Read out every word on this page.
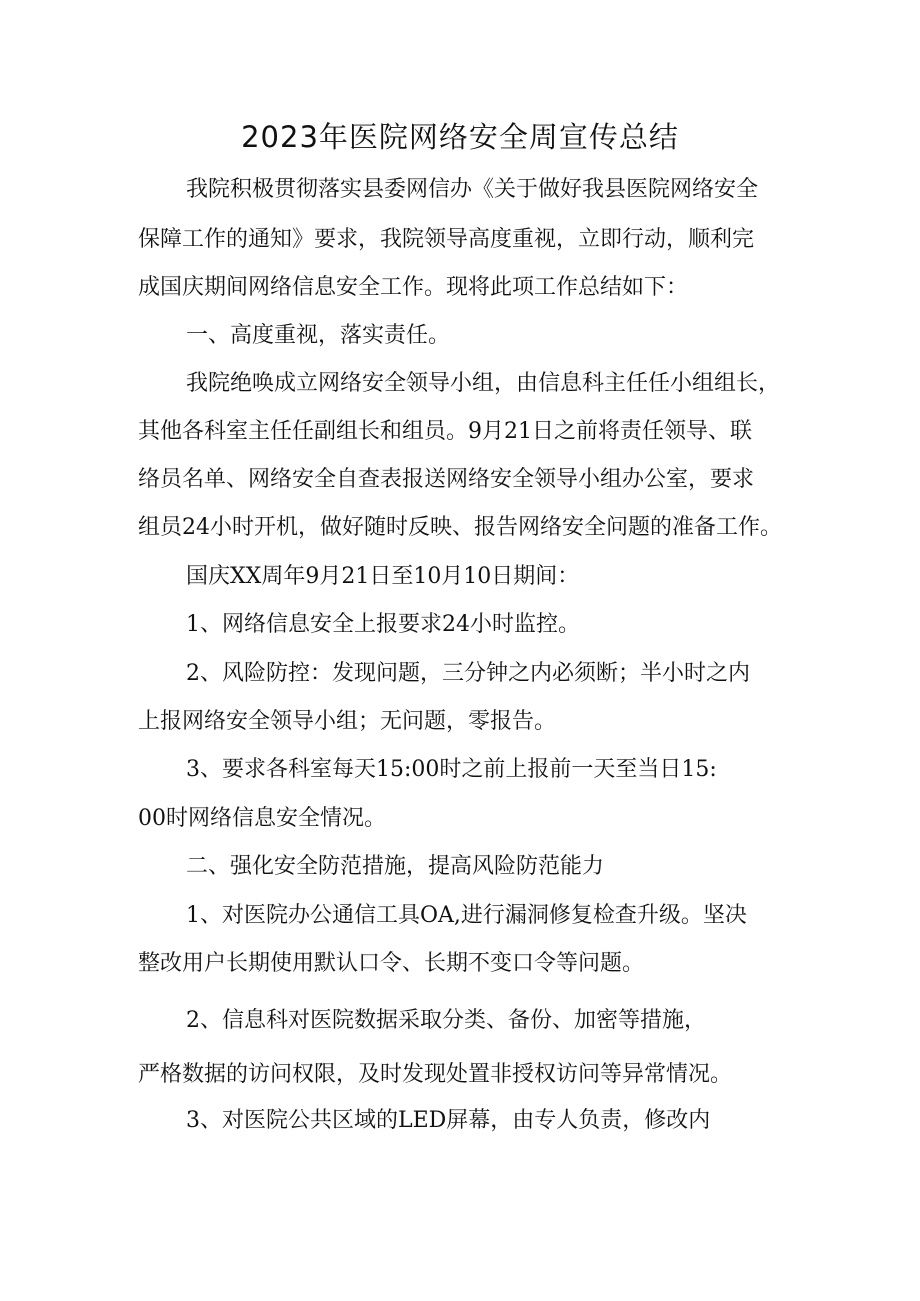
2023年医院网络安全周宣传总结

我院积极贯彻落实县委网信办《关于做好我县医院网络安全

保障工作的通知》要求，我院领导高度重视，立即行动，顺利完

成国庆期间网络信息安全工作。现将此项工作总结如下：

一、高度重视，落实责任。

我院绝唤成立网络安全领导小组，由信息科主任任小组组长，

其他各科室主任任副组长和组员。9月21日之前将责任领导、联

络员名单、网络安全自查表报送网络安全领导小组办公室，要求

组员24小时开机，做好随时反映、报告网络安全问题的准备工作。

国庆XX周年9月21日至10月10日期间：

1、网络信息安全上报要求24小时监控。

2、风险防控：发现问题，三分钟之内必须断；半小时之内

上报网络安全领导小组；无问题，零报告。

3、要求各科室每天15:00时之前上报前一天至当日15:

00时网络信息安全情况。

二、强化安全防范措施，提高风险防范能力

1、对医院办公通信工具OA,进行漏洞修复检查升级。坚决

整改用户长期使用默认口令、长期不变口令等问题。

2、信息科对医院数据采取分类、备份、加密等措施，

严格数据的访问权限，及时发现处置非授权访问等异常情况。

3、对医院公共区域的LED屏幕，由专人负责，修改内
